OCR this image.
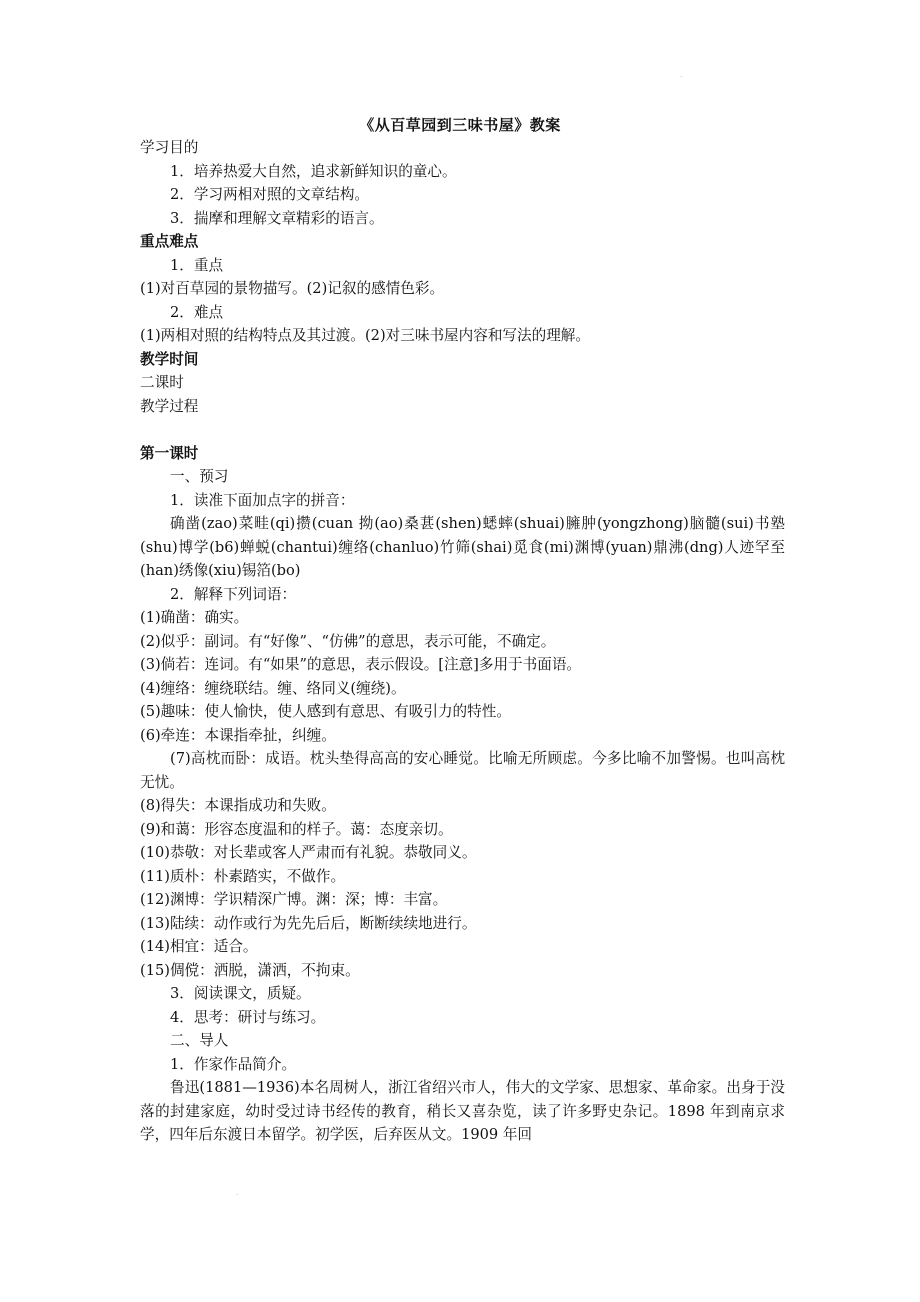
.
《从百草园到三味书屋》教案
学习目的
1．培养热爱大自然，追求新鲜知识的童心。
2．学习两相对照的文章结构。
3．揣摩和理解文章精彩的语言。
重点难点
1．重点
(1)对百草园的景物描写。(2)记叙的感情色彩。
2．难点
(1)两相对照的结构特点及其过渡。(2)对三味书屋内容和写法的理解。
教学时间
二课时
教学过程
第一课时
一、预习
1．读准下面加点字的拼音：
确凿(zao)菜畦(qi)攒(cuan 拗(ao)桑葚(shen)蟋蟀(shuai)臃肿(yongzhong)脑髓(sui)书塾(shu)博学(b6)蝉蜕(chantui)缠络(chanluo)竹筛(shai)觅食(mi)渊博(yuan)鼎沸(dng)人迹罕至(han)绣像(xiu)锡箔(bo)
2．解释下列词语：
(1)确凿：确实。
(2)似乎：副词。有“好像”、“仿佛”的意思，表示可能，不确定。
(3)倘若：连词。有“如果”的意思，表示假设。[注意]多用于书面语。
(4)缠络：缠绕联结。缠、络同义(缠绕)。
(5)趣味：使人愉快，使人感到有意思、有吸引力的特性。
(6)牵连：本课指牵扯，纠缠。
(7)高枕而卧：成语。枕头垫得高高的安心睡觉。比喻无所顾虑。今多比喻不加警惕。也叫高枕无忧。
(8)得失：本课指成功和失败。
(9)和蔼：形容态度温和的样子。蔼：态度亲切。
(10)恭敬：对长辈或客人严肃而有礼貌。恭敬同义。
(11)质朴：朴素踏实，不做作。
(12)渊博：学识精深广博。渊：深；博：丰富。
(13)陆续：动作或行为先先后后，断断续续地进行。
(14)相宜：适合。
(15)倜傥：洒脱，潇洒，不拘束。
3．阅读课文，质疑。
4．思考：研讨与练习。
二、导人
1．作家作品简介。
鲁迅(1881—1936)本名周树人，浙江省绍兴市人，伟大的文学家、思想家、革命家。出身于没落的封建家庭，幼时受过诗书经传的教育，稍长又喜杂览，读了许多野史杂记。1898 年到南京求学，四年后东渡日本留学。初学医，后弃医从文。1909 年回
.
